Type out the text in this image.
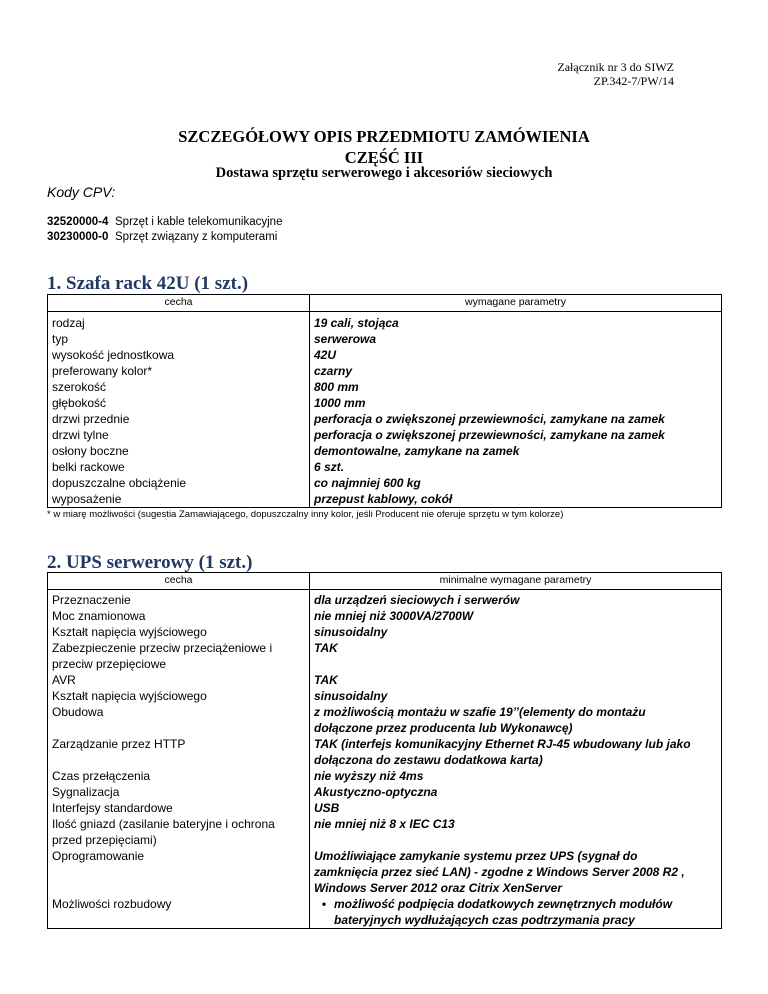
Załącznik nr 3 do SIWZ
ZP.342-7/PW/14
SZCZEGÓŁOWY OPIS PRZEDMIOTU ZAMÓWIENIA
CZĘŚĆ III
Dostawa sprzętu serwerowego i akcesoriów sieciowych
Kody CPV:
32520000-4 Sprzęt i kable telekomunikacyjne
30230000-0 Sprzęt związany z komputerami
1. Szafa rack 42U (1 szt.)
cecha	wymagane parametry
rodzaj	19 cali, stojąca
typ	serwerowa
wysokość jednostkowa	42U
preferowany kolor*	czarny
szerokość	800 mm
głębokość	1000 mm
drzwi przednie	perforacja o zwiększonej przewiewności, zamykane na zamek
drzwi tylne	perforacja o zwiększonej przewiewności, zamykane na zamek
osłony boczne	demontowalne, zamykane na zamek
belki rackowe	6 szt.
dopuszczalne obciążenie	co najmniej 600 kg
wyposażenie	przepust kablowy, cokół
* w miarę możliwości (sugestia Zamawiającego, dopuszczalny inny kolor, jeśli Producent nie oferuje sprzętu w tym kolorze)
2. UPS serwerowy (1 szt.)
cecha	minimalne wymagane parametry
Przeznaczenie	dla urządzeń sieciowych i serwerów
Moc znamionowa	nie mniej niż 3000VA/2700W
Kształt napięcia wyjściowego	sinusoidalny

Zabezpieczenie przeciw przeciążeniowe i
przeciw przepięciowe	TAK
AVR	TAK
Kształt napięcia wyjściowego	sinusoidalny
Obudowa	z możliwością montażu w szafie 19’’(elementy do montażu
dołączone przez producenta lub Wykonawcę)

Zarządzanie przez HTTP	TAK (interfejs komunikacyjny Ethernet RJ-45 wbudowany lub jako
dołączona do zestawu dodatkowa karta)

Czas przełączenia	nie wyższy niż 4ms
Sygnalizacja	Akustyczno-optyczna
Interfejsy standardowe	USB

Ilość gniazd (zasilanie bateryjne i ochrona
przed przepięciami)	nie mniej niż 8 x IEC C13
Oprogramowanie	Umożliwiające zamykanie systemu przez UPS (sygnał do
zamknięcia przez sieć LAN) - zgodne z Windows Server 2008 R2 ,
Windows Server 2012 oraz Citrix XenServer

Możliwości rozbudowy	• możliwość podpięcia dodatkowych zewnętrznych modułów
bateryjnych wydłużających czas podtrzymania pracy
